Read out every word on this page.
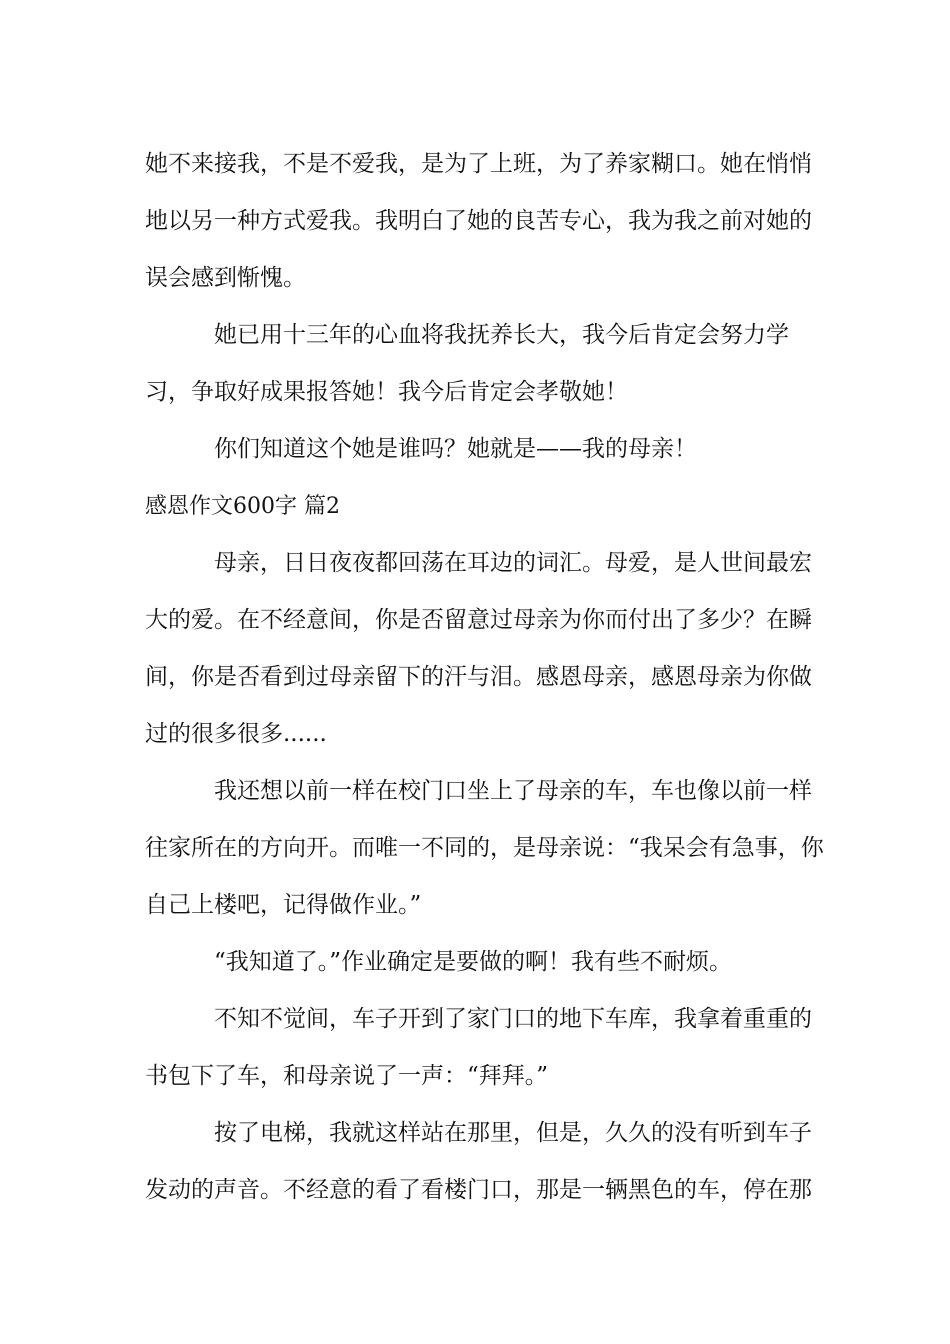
她不来接我，不是不爱我，是为了上班，为了养家糊口。她在悄悄地以另一种方式爱我。我明白了她的良苦专心，我为我之前对她的误会感到惭愧。

她已用十三年的心血将我抚养长大，我今后肯定会努力学习，争取好成果报答她！我今后肯定会孝敬她！

你们知道这个她是谁吗？她就是——我的母亲！

感恩作文600字 篇2

母亲，日日夜夜都回荡在耳边的词汇。母爱，是人世间最宏大的爱。在不经意间，你是否留意过母亲为你而付出了多少？在瞬间，你是否看到过母亲留下的汗与泪。感恩母亲，感恩母亲为你做过的很多很多......

我还想以前一样在校门口坐上了母亲的车，车也像以前一样往家所在的方向开。而唯一不同的，是母亲说：“我呆会有急事，你自己上楼吧，记得做作业。”

“我知道了。”作业确定是要做的啊！我有些不耐烦。

不知不觉间，车子开到了家门口的地下车库，我拿着重重的书包下了车，和母亲说了一声：“拜拜。”

按了电梯，我就这样站在那里，但是，久久的没有听到车子发动的声音。不经意的看了看楼门口，那是一辆黑色的车，停在那
